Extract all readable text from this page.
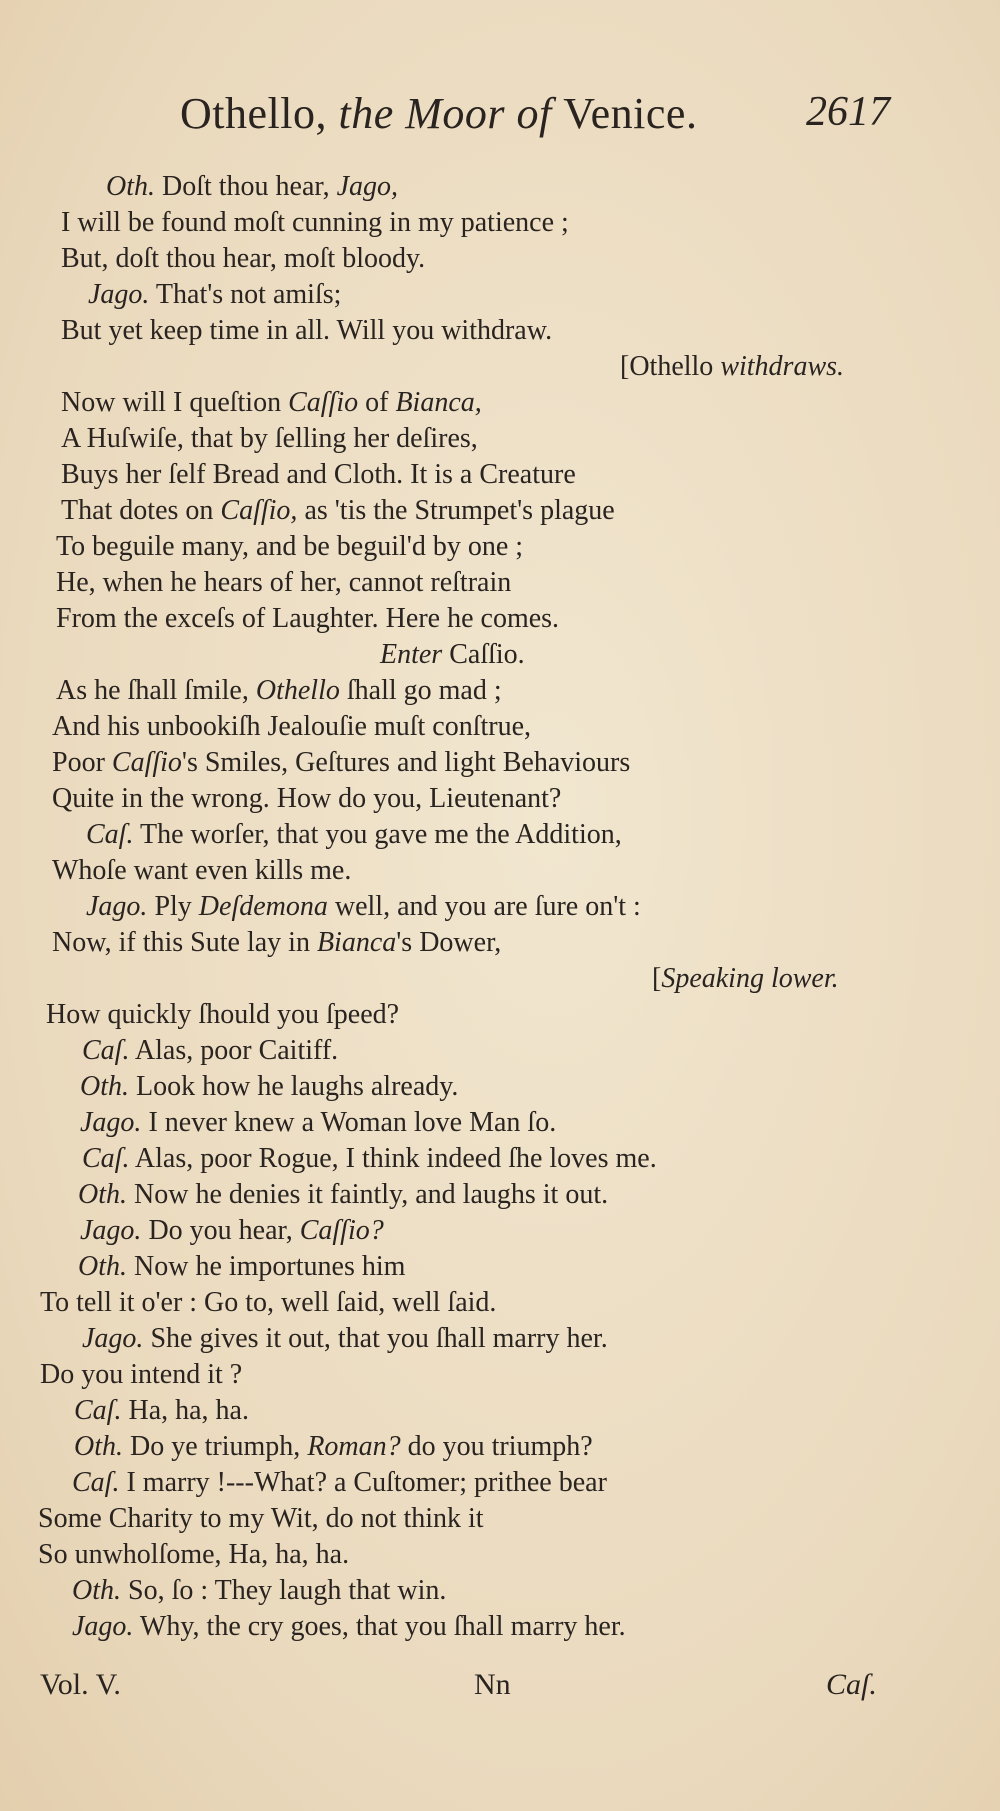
Othello, the Moor of Venice.	2617
Oth. Doſt thou hear, Jago,
I will be found moſt cunning in my patience ;
But, doſt thou hear, moſt bloody.
Jago. That's not amiſs;
But yet keep time in all. Will you withdraw.
[Othello withdraws.
Now will I queſtion Caſſio of Bianca,
A Huſwiſe, that by ſelling her deſires,
Buys her ſelf Bread and Cloth. It is a Creature
That dotes on Caſſio, as 'tis the Strumpet's plague
To beguile many, and be beguil'd by one ;
He, when he hears of her, cannot reſtrain
From the exceſs of Laughter. Here he comes.
Enter Caſſio.
As he ſhall ſmile, Othello ſhall go mad ;
And his unbookiſh Jealouſie muſt conſtrue,
Poor Caſſio's Smiles, Geſtures and light Behaviours
Quite in the wrong. How do you, Lieutenant?
Caſ. The worſer, that you gave me the Addition,
Whoſe want even kills me.
Jago. Ply Deſdemona well, and you are ſure on't :
Now, if this Sute lay in Bianca's Dower,
[Speaking lower.
How quickly ſhould you ſpeed?
Caſ. Alas, poor Caitiff.
Oth. Look how he laughs already.
Jago. I never knew a Woman love Man ſo.
Caſ. Alas, poor Rogue, I think indeed ſhe loves me.
Oth. Now he denies it faintly, and laughs it out.
Jago. Do you hear, Caſſio?
Oth. Now he importunes him
To tell it o'er : Go to, well ſaid, well ſaid.
Jago. She gives it out, that you ſhall marry her.
Do you intend it ?
Caſ. Ha, ha, ha.
Oth. Do ye triumph, Roman? do you triumph?
Caſ. I marry !---What? a Cuſtomer; prithee bear
Some Charity to my Wit, do not think it
So unwholſome, Ha, ha, ha.
Oth. So, ſo : They laugh that win.
Jago. Why, the cry goes, that you ſhall marry her.
Vol. V.	Nn	Caſ.
